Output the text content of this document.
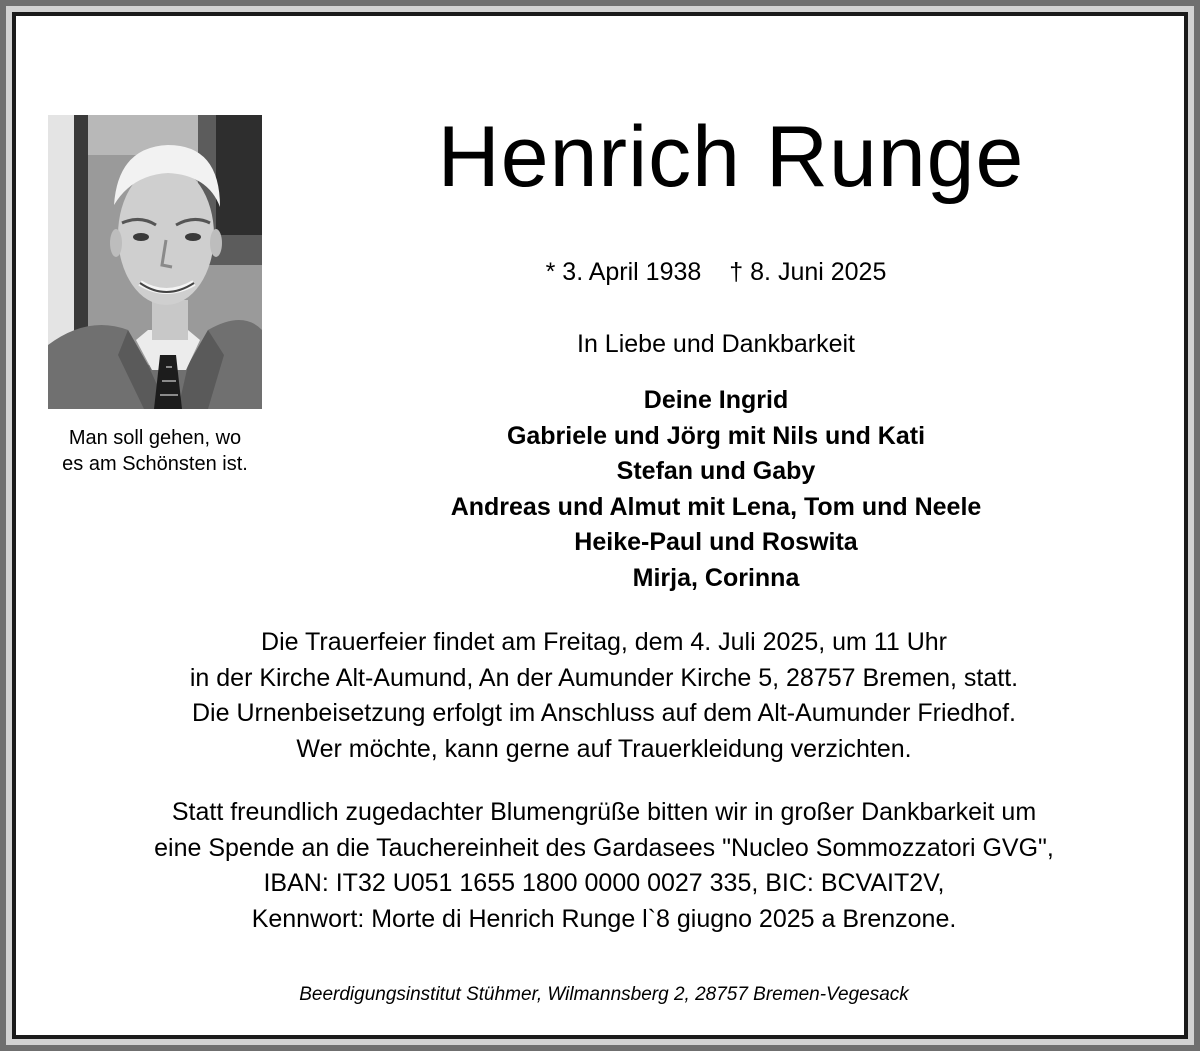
Man soll gehen, wo
es am Schönsten ist.
Henrich Runge
* 3. April 1938 † 8. Juni 2025
In Liebe und Dankbarkeit
Deine Ingrid
Gabriele und Jörg mit Nils und Kati
Stefan und Gaby
Andreas und Almut mit Lena, Tom und Neele
Heike-Paul und Roswita
Mirja, Corinna
Die Trauerfeier findet am Freitag, dem 4. Juli 2025, um 11 Uhr
in der Kirche Alt-Aumund, An der Aumunder Kirche 5, 28757 Bremen, statt.
Die Urnenbeisetzung erfolgt im Anschluss auf dem Alt-Aumunder Friedhof.
Wer möchte, kann gerne auf Trauerkleidung verzichten.
Statt freundlich zugedachter Blumengrüße bitten wir in großer Dankbarkeit um
eine Spende an die Tauchereinheit des Gardasees "Nucleo Sommozzatori GVG",
IBAN: IT32 U051 1655 1800 0000 0027 335, BIC: BCVAIT2V,
Kennwort: Morte di Henrich Runge l`8 giugno 2025 a Brenzone.
Beerdigungsinstitut Stühmer, Wilmannsberg 2, 28757 Bremen-Vegesack
